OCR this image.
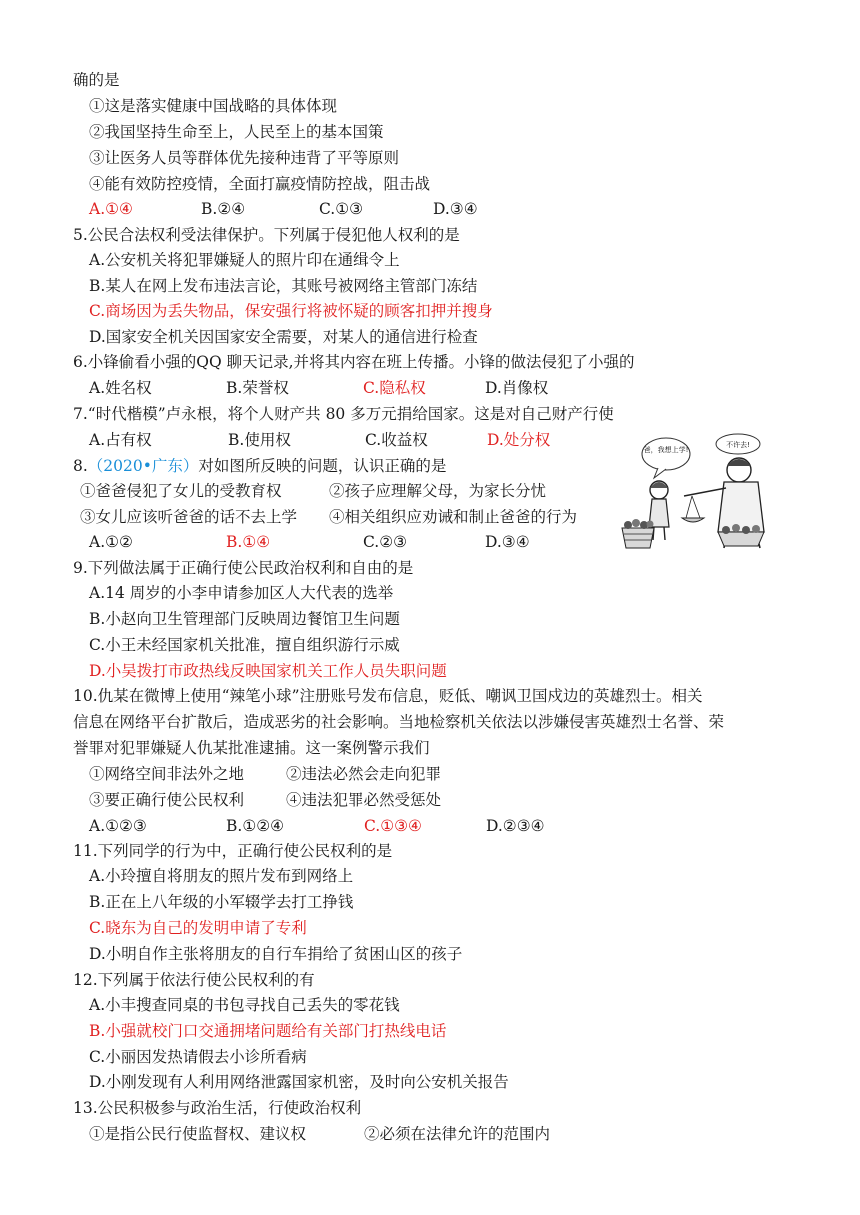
确的是
①这是落实健康中国战略的具体体现
②我国坚持生命至上，人民至上的基本国策
③让医务人员等群体优先接种违背了平等原则
④能有效防控疫情，全面打赢疫情防控战，阻击战
A.①④	B.②④	C.①③	D.③④
5.公民合法权利受法律保护。下列属于侵犯他人权利的是
A.公安机关将犯罪嫌疑人的照片印在通缉令上
B.某人在网上发布违法言论，其账号被网络主管部门冻结
C.商场因为丢失物品，保安强行将被怀疑的顾客扣押并搜身
D.国家安全机关因国家安全需要，对某人的通信进行检查
6.小锋偷看小强的QQ 聊天记录,并将其内容在班上传播。小锋的做法侵犯了小强的
A.姓名权	B.荣誉权	C.隐私权	D.肖像权
7.“时代楷模”卢永根，将个人财产共 80 多万元捐给国家。这是对自己财产行使
A.占有权	B.使用权	C.收益权	D.处分权
8.（2020•广东）对如图所反映的问题，认识正确的是
①爸爸侵犯了女儿的受教育权	②孩子应理解父母，为家长分忧
③女儿应该听爸爸的话不去上学 ④相关组织应劝诫和制止爸爸的行为
A.①②	B.①④	C.②③	D.③④
爸，我想上学!
不许去!
9.下列做法属于正确行使公民政治权利和自由的是
A.14 周岁的小李申请参加区人大代表的选举
B.小赵向卫生管理部门反映周边餐馆卫生问题
C.小王未经国家机关批准，擅自组织游行示威
D.小吴拨打市政热线反映国家机关工作人员失职问题
10.仇某在微博上使用“辣笔小球”注册账号发布信息，贬低、嘲讽卫国戍边的英雄烈士。相关
信息在网络平台扩散后，造成恶劣的社会影响。当地检察机关依法以涉嫌侵害英雄烈士名誉、荣
誉罪对犯罪嫌疑人仇某批准逮捕。这一案例警示我们
①网络空间非法外之地	②违法必然会走向犯罪
③要正确行使公民权利	④违法犯罪必然受惩处
A.①②③	B.①②④	C.①③④	D.②③④
11.下列同学的行为中，正确行使公民权利的是
A.小玲擅自将朋友的照片发布到网络上
B.正在上八年级的小军辍学去打工挣钱
C.晓东为自己的发明申请了专利
D.小明自作主张将朋友的自行车捐给了贫困山区的孩子
12.下列属于依法行使公民权利的有
A.小丰搜查同桌的书包寻找自己丢失的零花钱
B.小强就校门口交通拥堵问题给有关部门打热线电话
C.小丽因发热请假去小诊所看病
D.小刚发现有人利用网络泄露国家机密，及时向公安机关报告
13.公民积极参与政治生活，行使政治权利
①是指公民行使监督权、建议权	②必须在法律允许的范围内
